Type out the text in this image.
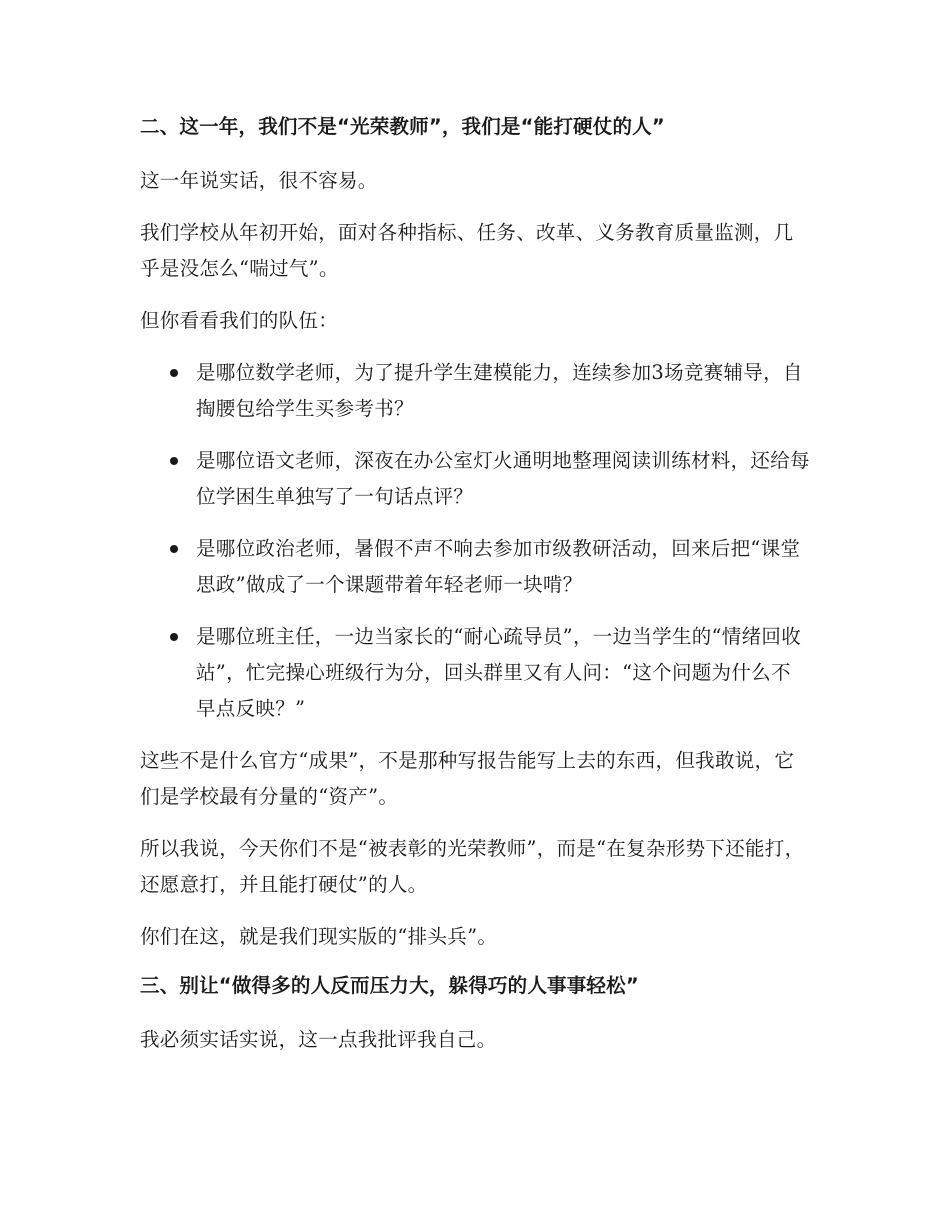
二、这一年，我们不是“光荣教师”，我们是“能打硬仗的人”

这一年说实话，很不容易。

我们学校从年初开始，面对各种指标、任务、改革、义务教育质量监测，几乎是没怎么“喘过气”。

但你看看我们的队伍：

是哪位数学老师，为了提升学生建模能力，连续参加3场竞赛辅导，自掏腰包给学生买参考书？
是哪位语文老师，深夜在办公室灯火通明地整理阅读训练材料，还给每位学困生单独写了一句话点评？
是哪位政治老师，暑假不声不响去参加市级教研活动，回来后把“课堂思政”做成了一个课题带着年轻老师一块啃？
是哪位班主任，一边当家长的“耐心疏导员”，一边当学生的“情绪回收站”，忙完操心班级行为分，回头群里又有人问：“这个问题为什么不早点反映？”

这些不是什么官方“成果”，不是那种写报告能写上去的东西，但我敢说，它们是学校最有分量的“资产”。

所以我说，今天你们不是“被表彰的光荣教师”，而是“在复杂形势下还能打，还愿意打，并且能打硬仗”的人。

你们在这，就是我们现实版的“排头兵”。

三、别让“做得多的人反而压力大，躲得巧的人事事轻松”

我必须实话实说，这一点我批评我自己。
